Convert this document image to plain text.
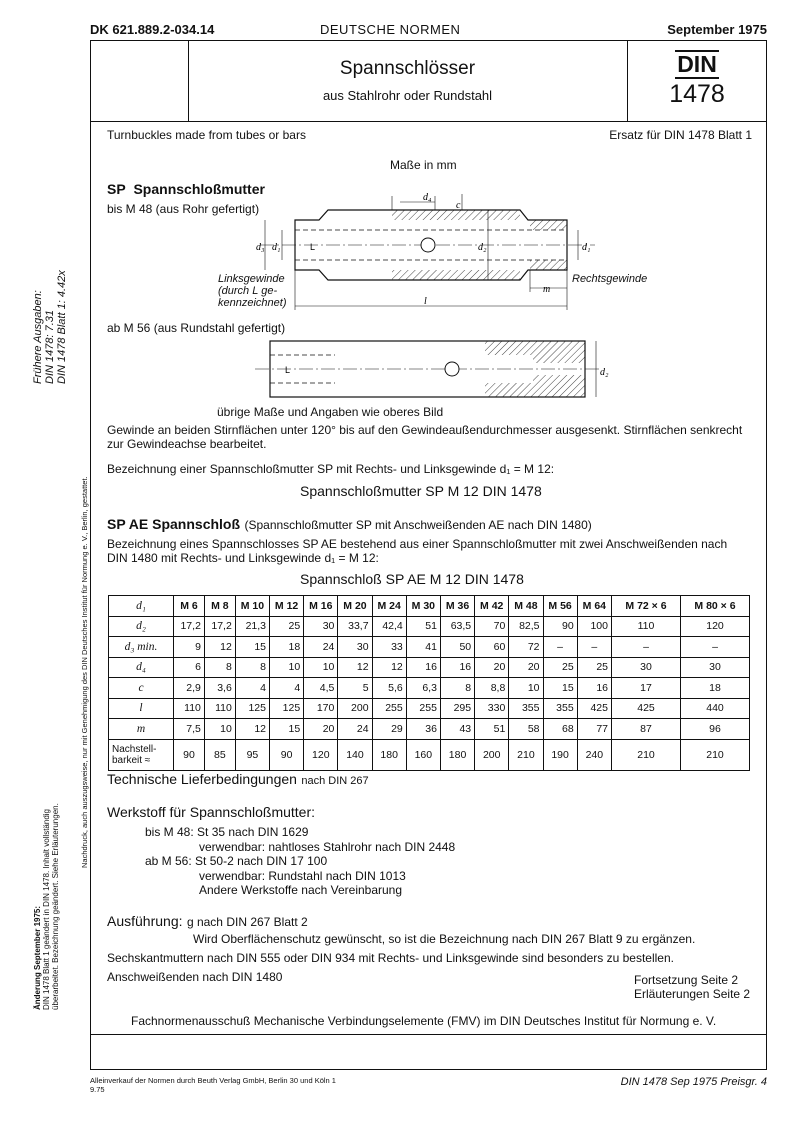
DK 621.889.2-034.14	DEUTSCHE NORMEN	September 1975
Spannschlösser
aus Stahlrohr oder Rundstahl
DIN
1478
Turnbuckles made from tubes or bars	Ersatz für DIN 1478 Blatt 1
Maße in mm
SP Spannschloßmutter
bis M 48 (aus Rohr gefertigt)
d₄
c
d₃ d₁	L	d₂	d₁
m
l
Linksgewinde
(durch L ge-
kennzeichnet)
Rechtsgewinde
ab M 56 (aus Rundstahl gefertigt)
d₂
L
übrige Maße und Angaben wie oberes Bild
Gewinde an beiden Stirnflächen unter 120° bis auf den Gewindeaußendurchmesser ausgesenkt. Stirnflächen senkrecht
zur Gewindeachse bearbeitet.
Bezeichnung einer Spannschloßmutter SP mit Rechts- und Linksgewinde d₁ = M 12:
Spannschloßmutter SP M 12 DIN 1478
SP AE Spannschloß (Spannschloßmutter SP mit Anschweißenden AE nach DIN 1480)
Bezeichnung eines Spannschlosses SP AE bestehend aus einer Spannschloßmutter mit zwei Anschweißenden nach
DIN 1480 mit Rechts- und Linksgewinde d₁ = M 12:
Spannschloß SP AE M 12 DIN 1478
d₁	M 6	M 8	M 10	M 12	M 16	M 20	M 24	M 30	M 36	M 42	M 48	M 56	M 64	M 72 × 6	M 80 × 6
d₂	17,2	17,2	21,3	25	30	33,7	42,4	51	63,5	70	82,5	90	100	110	120
d₃ min.	9	12	15	18	24	30	33	41	50	60	72	–	–	–	–
d₄	6	8	8	10	10	12	12	16	16	20	20	25	25	30	30
c	2,9	3,6	4	4	4,5	5	5,6	6,3	8	8,8	10	15	16	17	18
l	110	110	125	125	170	200	255	255	295	330	355	355	425	425	440
m	7,5	10	12	15	20	24	29	36	43	51	58	68	77	87	96

Nachstell-
barkeit ≈	90	85	95	90	120	140	180	160	180	200	210	190	240	210	210
Technische Lieferbedingungen nach DIN 267
Werkstoff für Spannschloßmutter:
bis M 48: St 35 nach DIN 1629
verwendbar: nahtloses Stahlrohr nach DIN 2448
ab M 56: St 50-2 nach DIN 17 100
verwendbar: Rundstahl nach DIN 1013
Andere Werkstoffe nach Vereinbarung
Ausführung: g nach DIN 267 Blatt 2
Wird Oberflächenschutz gewünscht, so ist die Bezeichnung nach DIN 267 Blatt 9 zu ergänzen.
Sechskantmuttern nach DIN 555 oder DIN 934 mit Rechts- und Linksgewinde sind besonders zu bestellen.
Anschweißenden nach DIN 1480	Fortsetzung Seite 2
Erläuterungen Seite 2
Fachnormenausschuß Mechanische Verbindungselemente (FMV) im DIN Deutsches Institut für Normung e. V.
Alleinverkauf der Normen durch Beuth Verlag GmbH, Berlin 30 und Köln 1
9.75
DIN 1478 Sep 1975 Preisgr. 4
Frühere Ausgaben: DIN 1478: 7.31 DIN 1478 Blatt 1: 4.42x
Nachdruck, auch auszugsweise, nur mit Genehmigung des DIN Deutsches Institut für Normung e. V., Berlin, gestattet.
Änderung September 1975: DIN 1478 Blatt 1 geändert in DIN 1478. Inhalt vollständig überarbeitet. Bezeichnung geändert. Siehe Erläuterungen.
